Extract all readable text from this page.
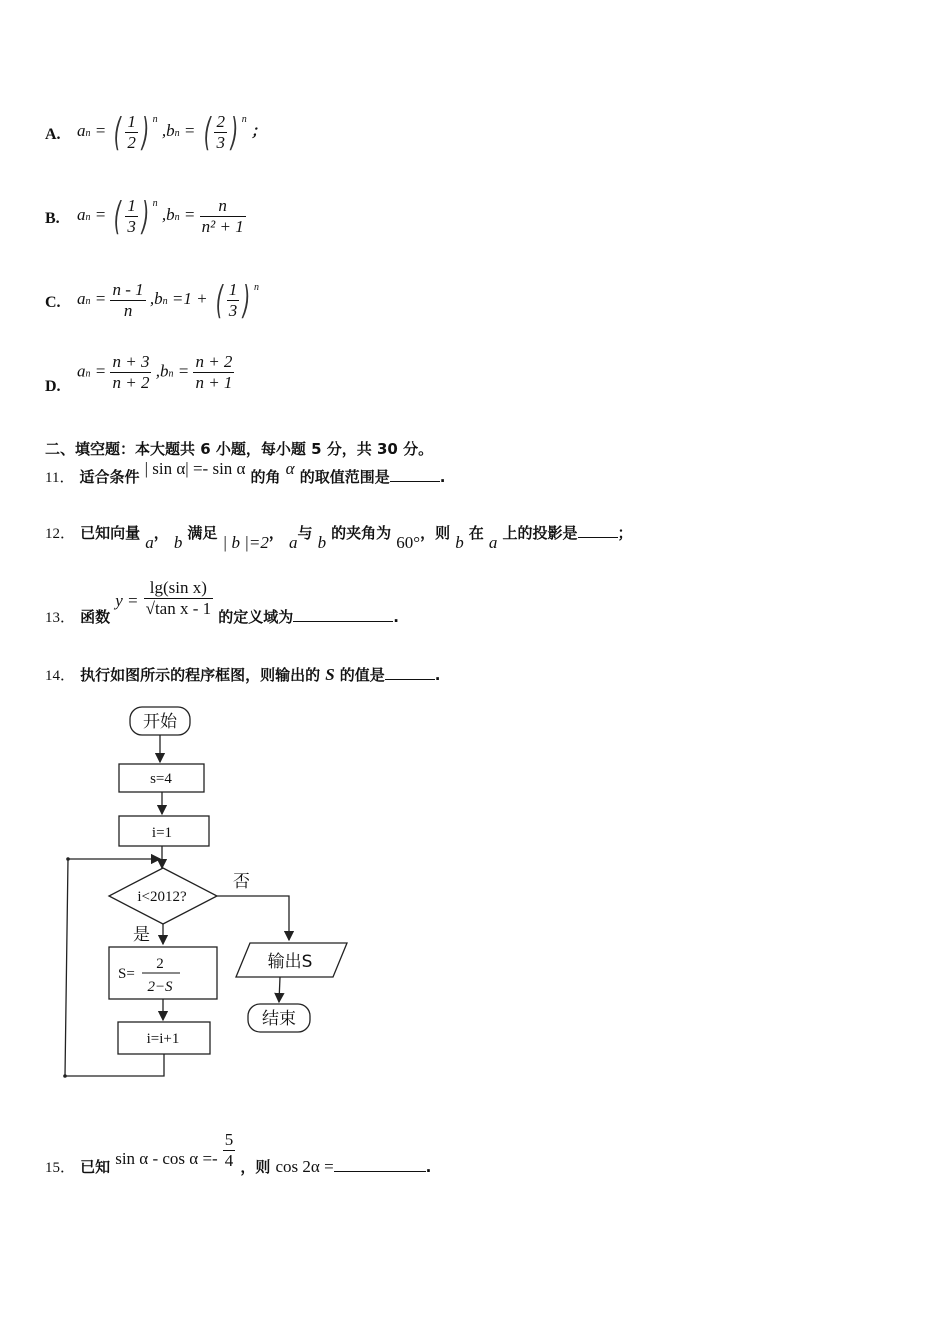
A. an = ( $\frac{1}{2}$ ) $^n$ ,bn = ( $\frac{2}{3}$ ) $^n$ ；
B. an = ( $\frac{1}{3}$ ) $^n$ $,bn = \frac{n}{\text{n² + 1}}$
C. an = $\frac{n - 1}{n} ,bn =1$ + ( $\frac{1}{3}$ ) $^n$
D.
an = $\frac{n + 3}{n + 2} ,bn = \frac{n + 2}{n + 1}$
二、填空题：本大题共 6 小题，每小题 5 分，共 30 分。
11． 适合条件 | sin α| =- sin α 的角 α 的取值范围是	.
12． 已知向量 a， b 满足 | b |=2， a与 b 的夹角为 60°，则 b 在 a 上的投影是	；
13． 函数 $y = \frac{\text{lg(sin x)}}{\text{√tan x - 1}}$ 的定义域为	.
14． 执行如图所示的程序框图，则输出的 S 的值是	.
开始
s=4
i=1
i<2012?
i=i+1
S=
2
2−S
否
是
输出S
结束
15． 已知 $\sin \alpha - \cos \alpha =- \frac{5}{4}$ ，则 cos 2α =	.
